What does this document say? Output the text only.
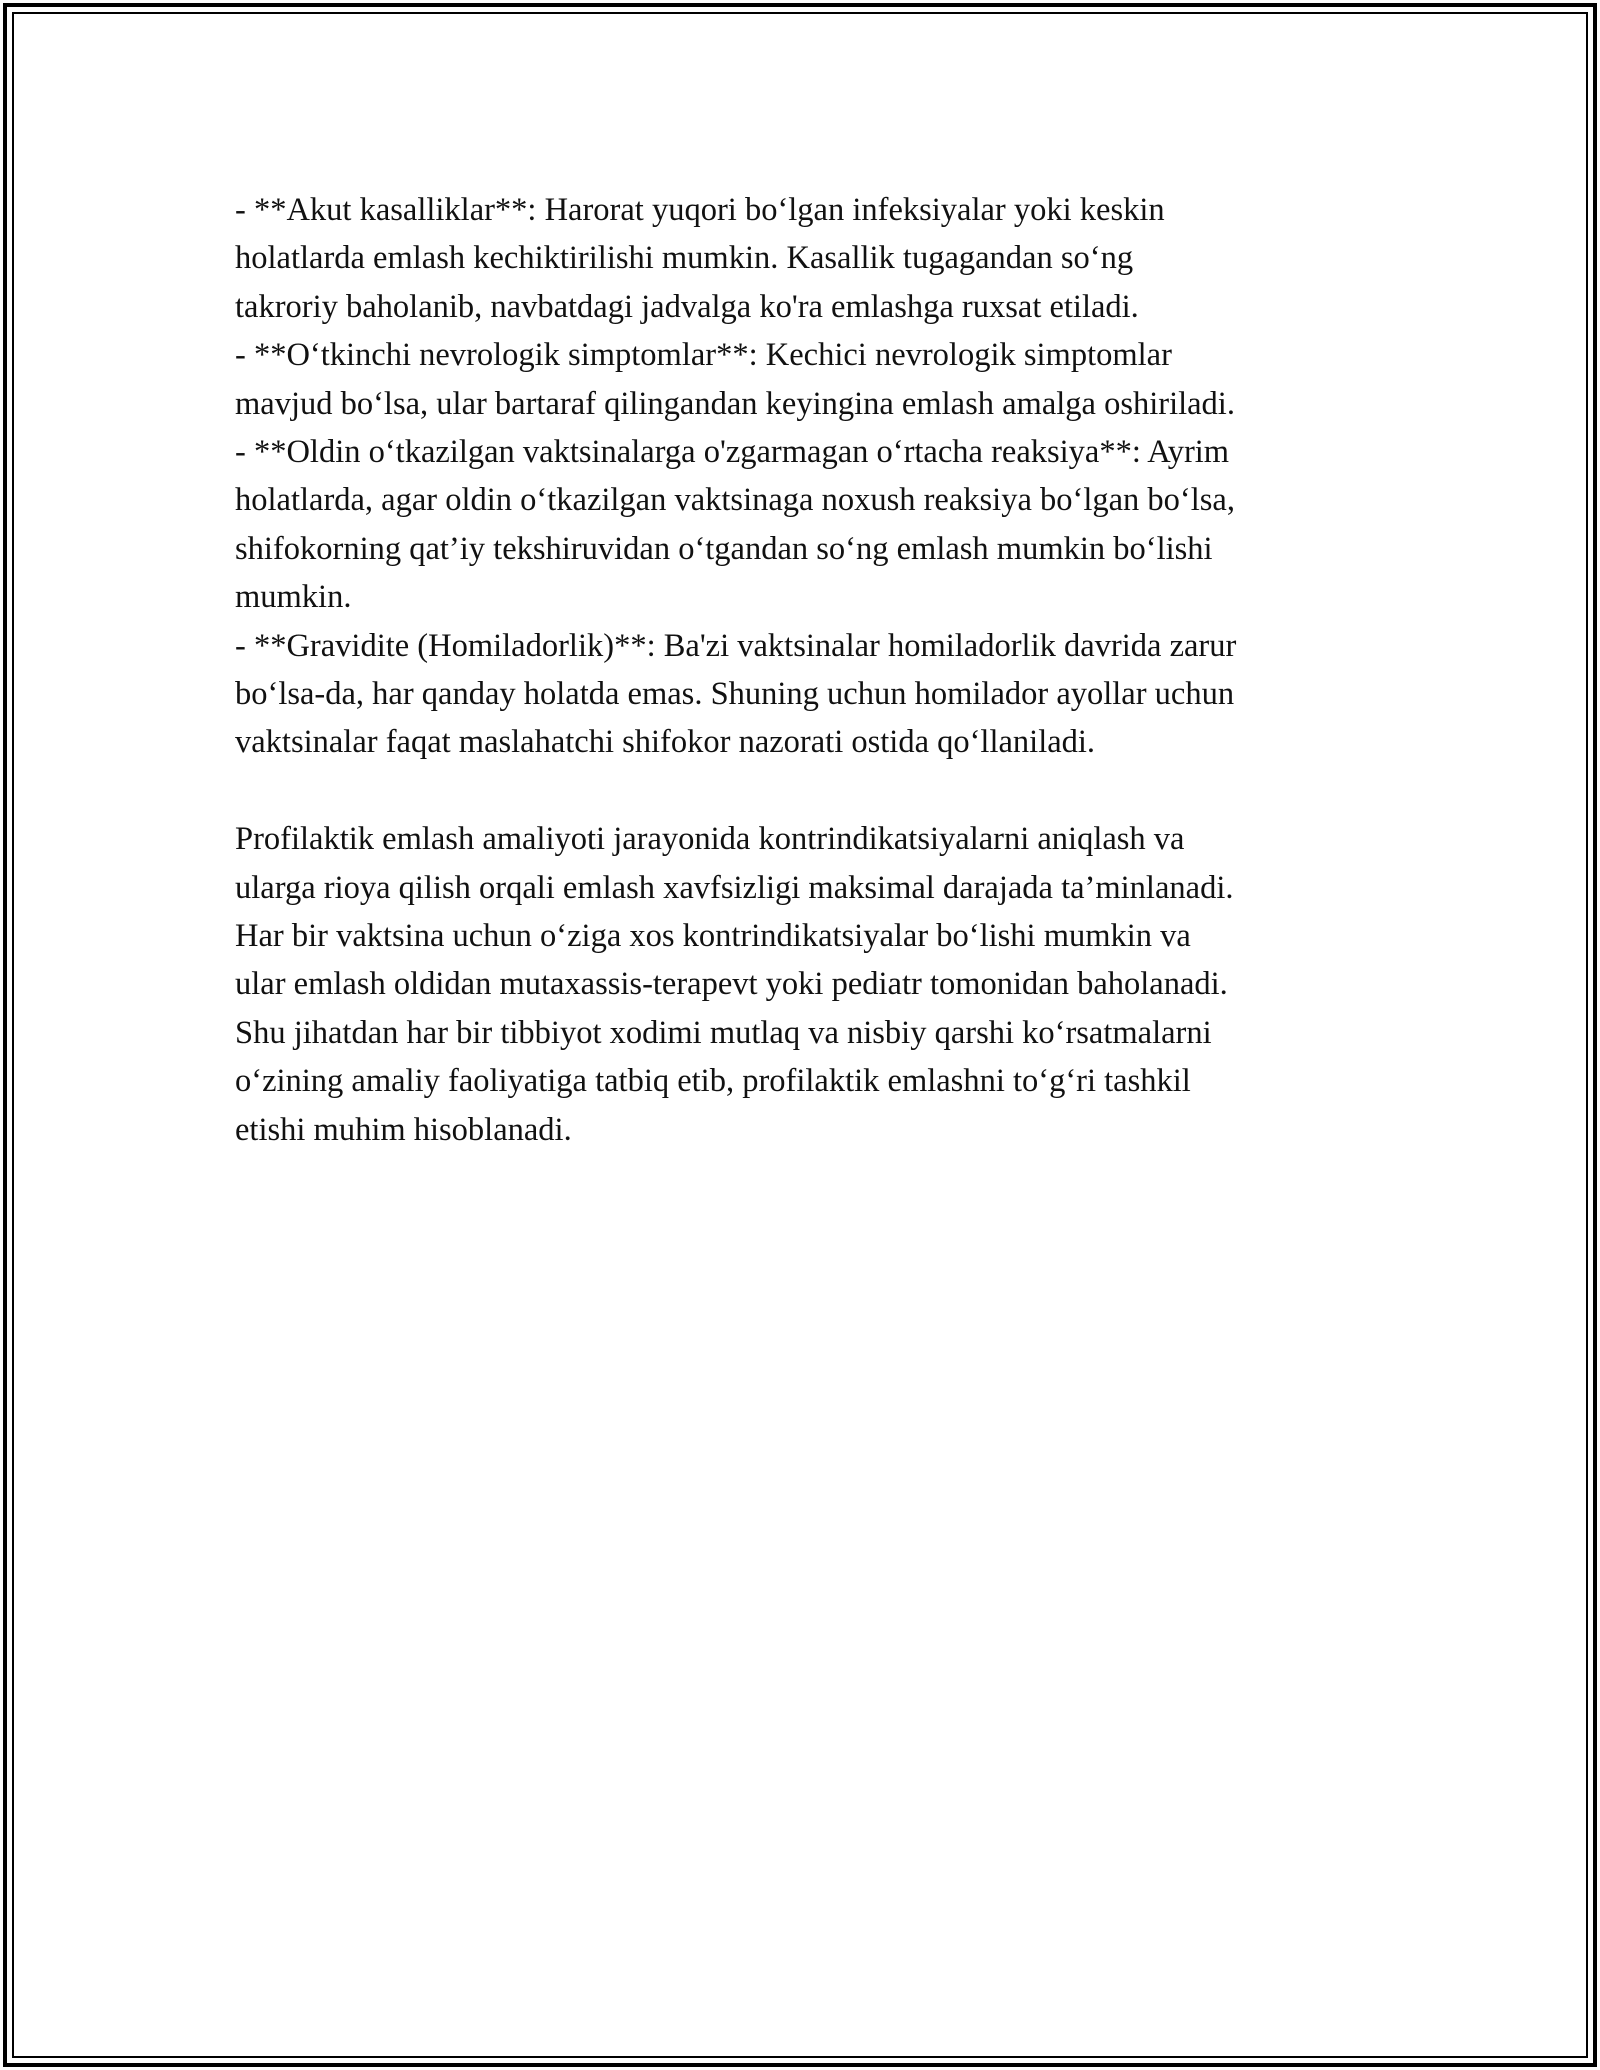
- **Akut kasalliklar**: Harorat yuqori bo‘lgan infeksiyalar yoki keskin

holatlarda emlash kechiktirilishi mumkin. Kasallik tugagandan so‘ng

takroriy baholanib, navbatdagi jadvalga ko'ra emlashga ruxsat etiladi.

- **O‘tkinchi nevrologik simptomlar**: Kechici nevrologik simptomlar

mavjud bo‘lsa, ular bartaraf qilingandan keyingina emlash amalga oshiriladi.

- **Oldin o‘tkazilgan vaktsinalarga o'zgarmagan o‘rtacha reaksiya**: Ayrim

holatlarda, agar oldin o‘tkazilgan vaktsinaga noxush reaksiya bo‘lgan bo‘lsa,

shifokorning qat’iy tekshiruvidan o‘tgandan so‘ng emlash mumkin bo‘lishi

mumkin.

- **Gravidite (Homiladorlik)**: Ba'zi vaktsinalar homiladorlik davrida zarur

bo‘lsa-da, har qanday holatda emas. Shuning uchun homilador ayollar uchun

vaktsinalar faqat maslahatchi shifokor nazorati ostida qo‘llaniladi.

Profilaktik emlash amaliyoti jarayonida kontrindikatsiyalarni aniqlash va

ularga rioya qilish orqali emlash xavfsizligi maksimal darajada ta’minlanadi.

Har bir vaktsina uchun o‘ziga xos kontrindikatsiyalar bo‘lishi mumkin va

ular emlash oldidan mutaxassis-terapevt yoki pediatr tomonidan baholanadi.

Shu jihatdan har bir tibbiyot xodimi mutlaq va nisbiy qarshi ko‘rsatmalarni

o‘zining amaliy faoliyatiga tatbiq etib, profilaktik emlashni to‘g‘ri tashkil

etishi muhim hisoblanadi.
